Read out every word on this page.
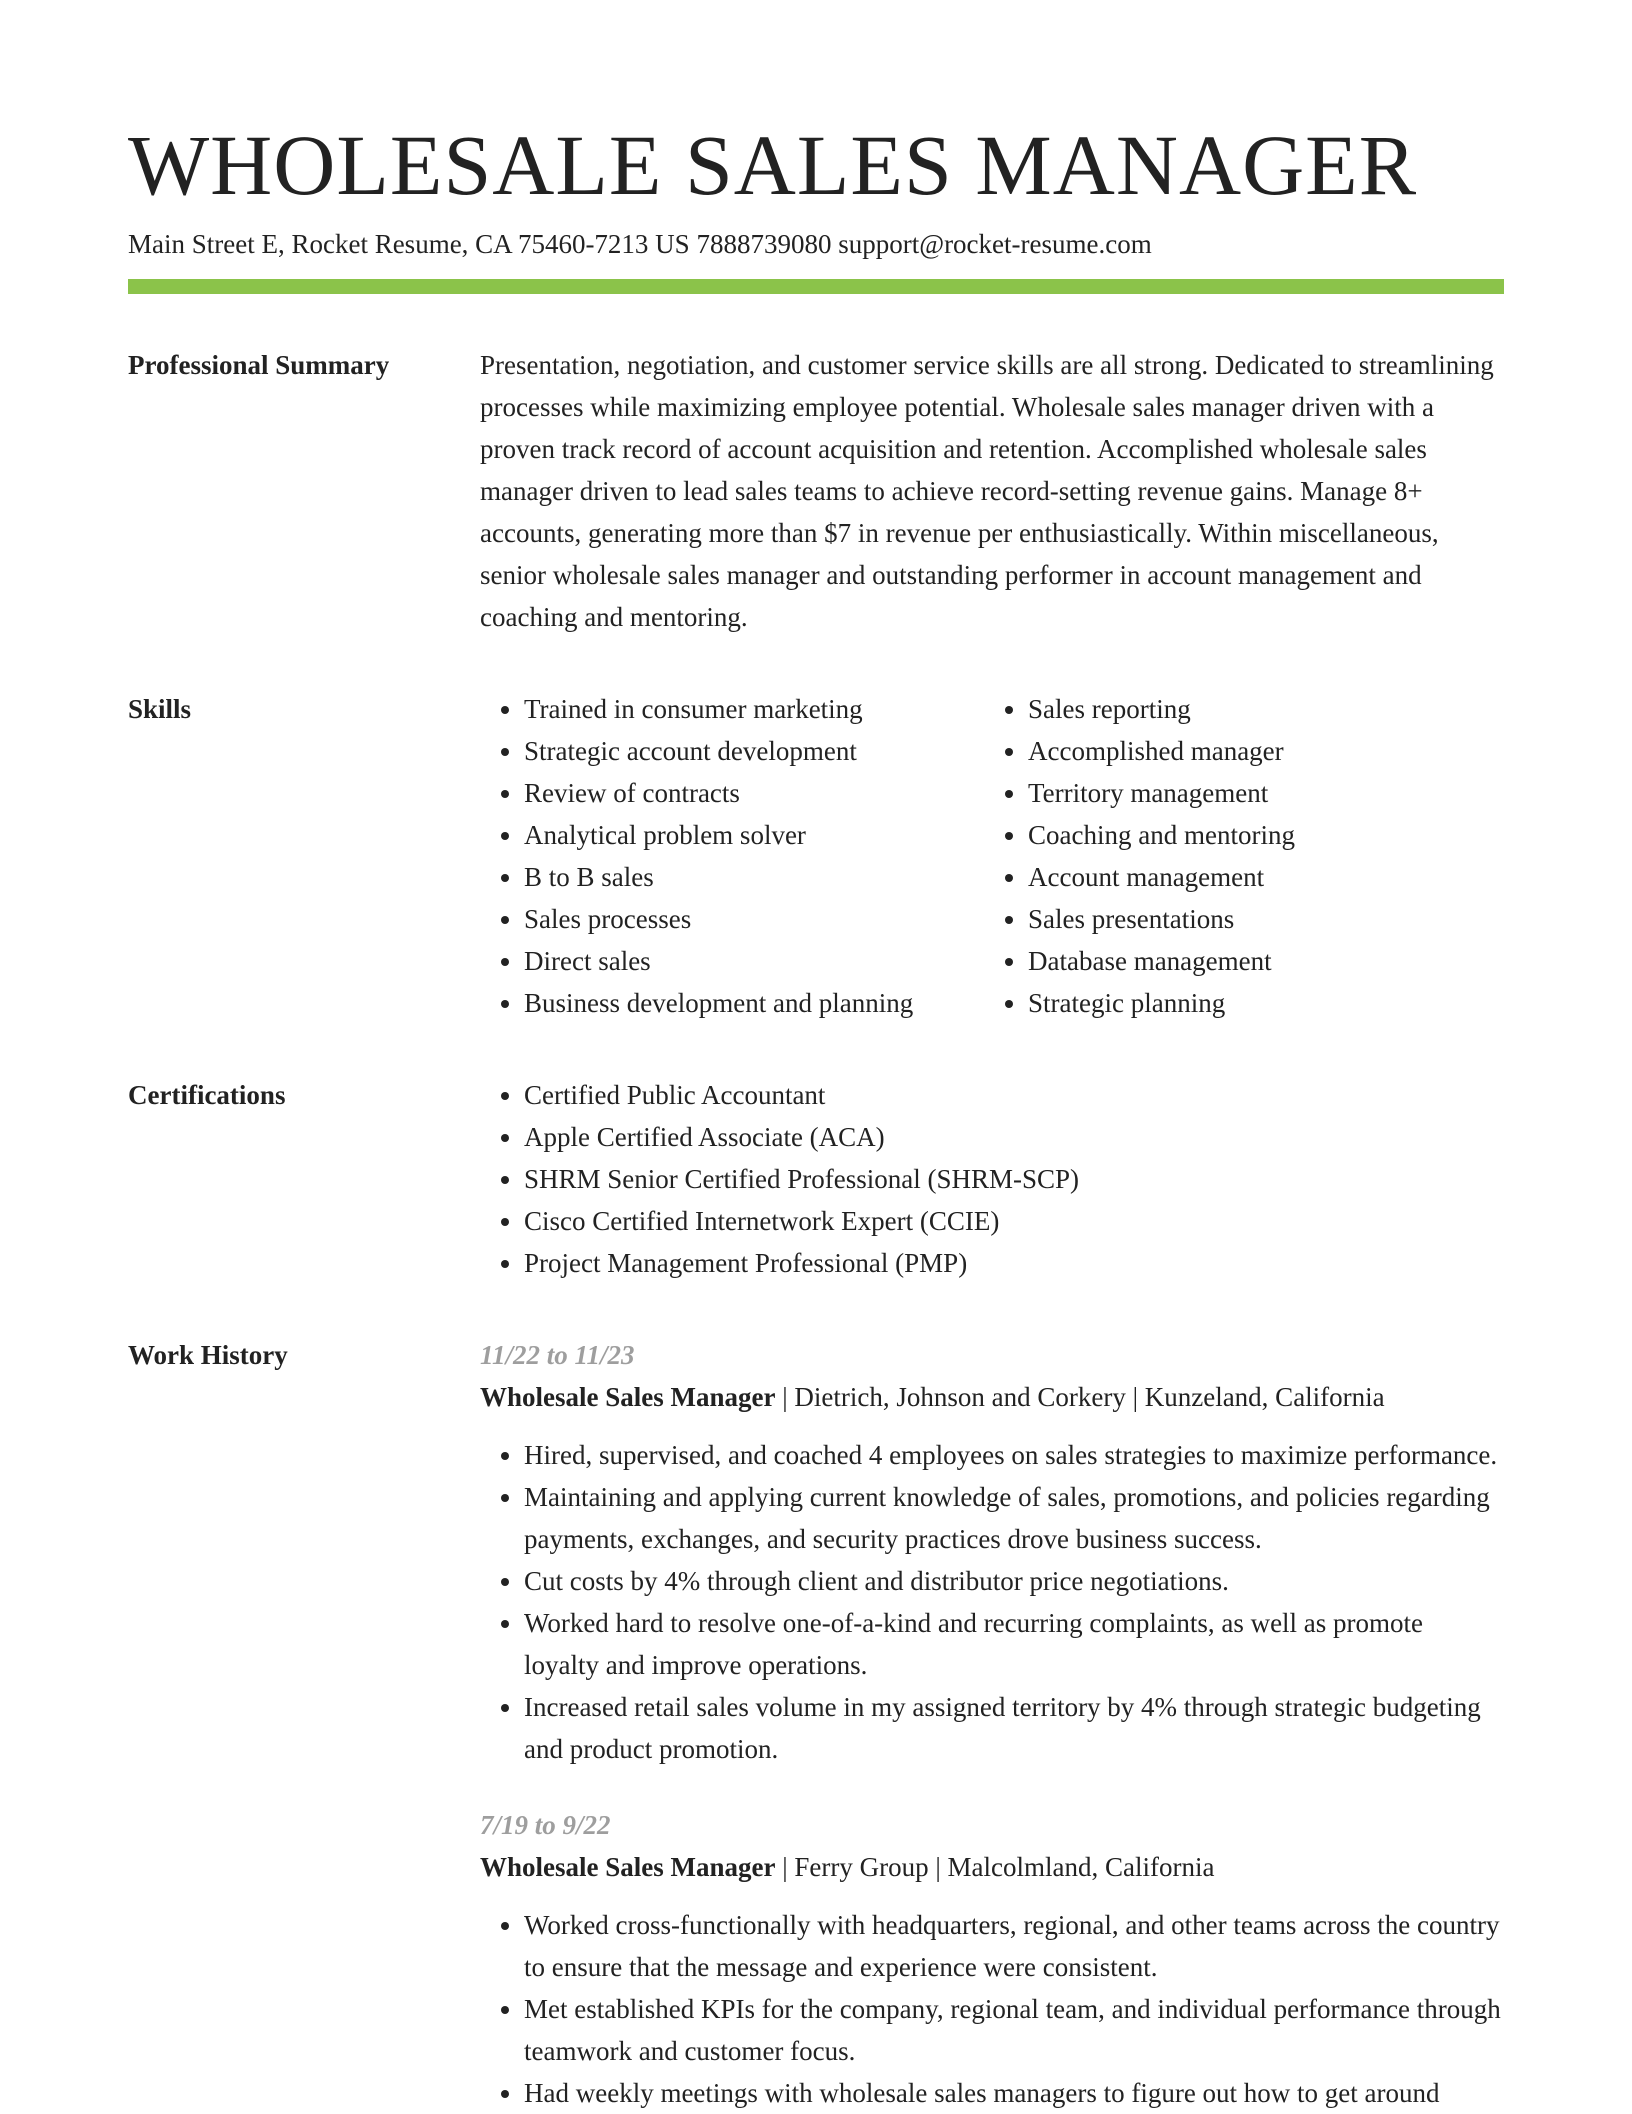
WHOLESALE SALES MANAGER
Main Street E, Rocket Resume, CA 75460-7213 US 7888739080 support@rocket-resume.com
Professional Summary	Presentation, negotiation, and customer service skills are all strong. Dedicated to streamlining processes while maximizing employee potential. Wholesale sales manager driven with a proven track record of account acquisition and retention. Accomplished wholesale sales manager driven to lead sales teams to achieve record-setting revenue gains. Manage 8+ accounts, generating more than $7 in revenue per enthusiastically. Within miscellaneous, senior wholesale sales manager and outstanding performer in account management and coaching and mentoring.

Skills	• Trained in consumer marketing
• Strategic account development
• Review of contracts
• Analytical problem solver
• B to B sales
• Sales processes
• Direct sales
• Business development and planning
• Sales reporting
• Accomplished manager
• Territory management
• Coaching and mentoring
• Account management
• Sales presentations
• Database management
• Strategic planning
Certifications	• Certified Public Accountant
• Apple Certified Associate (ACA)
• SHRM Senior Certified Professional (SHRM-SCP)
• Cisco Certified Internetwork Expert (CCIE)
• Project Management Professional (PMP)
Work History	11/22 to 11/23
Wholesale Sales Manager | Dietrich, Johnson and Corkery | Kunzeland, California
• Hired, supervised, and coached 4 employees on sales strategies to maximize performance.
• Maintaining and applying current knowledge of sales, promotions, and policies regarding payments, exchanges, and security practices drove business success.
• Cut costs by 4% through client and distributor price negotiations.
• Worked hard to resolve one-of-a-kind and recurring complaints, as well as promote loyalty and improve operations.
• Increased retail sales volume in my assigned territory by 4% through strategic budgeting and product promotion.
7/19 to 9/22
Wholesale Sales Manager | Ferry Group | Malcolmland, California
• Worked cross-functionally with headquarters, regional, and other teams across the country to ensure that the message and experience were consistent.
• Met established KPIs for the company, regional team, and individual performance through teamwork and customer focus.
• Had weekly meetings with wholesale sales managers to figure out how to get around
